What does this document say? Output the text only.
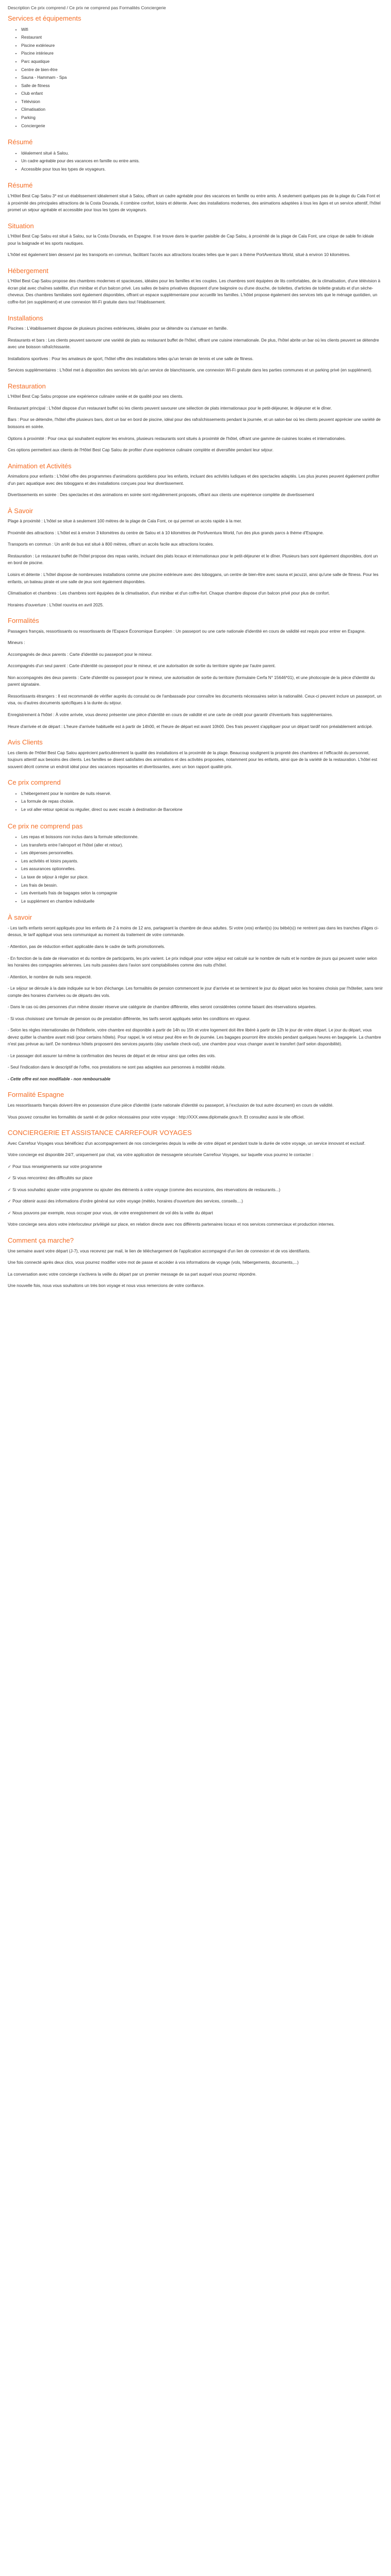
Description Ce prix comprend / Ce prix ne comprend pas Formalités Conciergerie
Services et équipements
• Wifi
• Restaurant
• Piscine extérieure
• Piscine intérieure
• Parc aquatique
• Centre de bien-être
• Sauna - Hammam - Spa
• Salle de fitness
• Club enfant
• Télévision
• Climatisation
• Parking
• Conciergerie
Résumé
• Idéalement situé à Salou.
• Un cadre agréable pour des vacances en famille ou entre amis.
• Accessible pour tous les types de voyageurs.
Résumé

L'Hôtel Best Cap Salou 3* est un établissement idéalement situé à Salou, offrant un cadre agréable pour des vacances en famille ou entre amis. À seulement quelques pas de la plage du Cala Font et à proximité des principales attractions de la Costa Dourada, il combine confort, loisirs et détente. Avec des installations modernes, des animations adaptées à tous les âges et un service attentif, l'hôtel promet un séjour agréable et accessible pour tous les types de voyageurs.

Situation

L'Hôtel Best Cap Salou est situé à Salou, sur la Costa Dourada, en Espagne. Il se trouve dans le quartier paisible de Cap Salou, à proximité de la plage de Cala Font, une crique de sable fin idéale pour la baignade et les sports nautiques.

L'hôtel est également bien desservi par les transports en commun, facilitant l'accès aux attractions locales telles que le parc à thème PortAventura World, situé à environ 10 kilomètres.

Hébergement

L'Hôtel Best Cap Salou propose des chambres modernes et spacieuses, idéales pour les familles et les couples. Les chambres sont équipées de lits confortables, de la climatisation, d'une télévision à écran plat avec chaînes satellite, d'un minibar et d'un balcon privé. Les salles de bains privatives disposent d'une baignoire ou d'une douche, de toilettes, d'articles de toilette gratuits et d'un sèche-cheveux. Des chambres familiales sont également disponibles, offrant un espace supplémentaire pour accueillir les familles. L'hôtel propose également des services tels que le ménage quotidien, un coffre-fort (en supplément) et une connexion Wi-Fi gratuite dans tout l'établissement.

Installations

Piscines : L'établissement dispose de plusieurs piscines extérieures, idéales pour se détendre ou s'amuser en famille.

Restaurants et bars : Les clients peuvent savourer une variété de plats au restaurant buffet de l'hôtel, offrant une cuisine internationale. De plus, l'hôtel abrite un bar où les clients peuvent se détendre avec une boisson rafraîchissante.

Installations sportives : Pour les amateurs de sport, l'hôtel offre des installations telles qu'un terrain de tennis et une salle de fitness.

Services supplémentaires : L'hôtel met à disposition des services tels qu'un service de blanchisserie, une connexion Wi-Fi gratuite dans les parties communes et un parking privé (en supplément).

Restauration

L'Hôtel Best Cap Salou propose une expérience culinaire variée et de qualité pour ses clients.

Restaurant principal : L'hôtel dispose d'un restaurant buffet où les clients peuvent savourer une sélection de plats internationaux pour le petit-déjeuner, le déjeuner et le dîner.

Bars : Pour se détendre, l'hôtel offre plusieurs bars, dont un bar en bord de piscine, idéal pour des rafraîchissements pendant la journée, et un salon-bar où les clients peuvent apprécier une variété de boissons en soirée.

Options à proximité : Pour ceux qui souhaitent explorer les environs, plusieurs restaurants sont situés à proximité de l'hôtel, offrant une gamme de cuisines locales et internationales.

Ces options permettent aux clients de l'Hôtel Best Cap Salou de profiter d'une expérience culinaire complète et diversifiée pendant leur séjour.

Animation et Activités

Animations pour enfants : L'hôtel offre des programmes d'animations quotidiens pour les enfants, incluant des activités ludiques et des spectacles adaptés. Les plus jeunes peuvent également profiter d'un parc aquatique avec des toboggans et des installations conçues pour leur divertissement.

Divertissements en soirée : Des spectacles et des animations en soirée sont régulièrement proposés, offrant aux clients une expérience complète de divertissement

À Savoir

Plage à proximité : L'hôtel se situe à seulement 100 mètres de la plage de Cala Font, ce qui permet un accès rapide à la mer.

Proximité des attractions : L'hôtel est à environ 3 kilomètres du centre de Salou et à 10 kilomètres de PortAventura World, l'un des plus grands parcs à thème d'Espagne.

Transports en commun : Un arrêt de bus est situé à 800 mètres, offrant un accès facile aux attractions locales.

Restauration : Le restaurant buffet de l'hôtel propose des repas variés, incluant des plats locaux et internationaux pour le petit-déjeuner et le dîner. Plusieurs bars sont également disponibles, dont un en bord de piscine.

Loisirs et détente : L'hôtel dispose de nombreuses installations comme une piscine extérieure avec des toboggans, un centre de bien-être avec sauna et jacuzzi, ainsi qu'une salle de fitness. Pour les enfants, un bateau pirate et une salle de jeux sont également disponibles.

Climatisation et chambres : Les chambres sont équipées de la climatisation, d'un minibar et d'un coffre-fort. Chaque chambre dispose d'un balcon privé pour plus de confort.

Horaires d'ouverture : L'hôtel rouvrira en avril 2025.

Formalités

Passagers français, ressortissants ou ressortissants de l'Espace Économique Européen : Un passeport ou une carte nationale d'identité en cours de validité est requis pour entrer en Espagne.

Mineurs :

Accompagnés de deux parents : Carte d'identité ou passeport pour le mineur.

Accompagnés d'un seul parent : Carte d'identité ou passeport pour le mineur, et une autorisation de sortie du territoire signée par l'autre parent.

Non accompagnés des deux parents : Carte d'identité ou passeport pour le mineur, une autorisation de sortie du territoire (formulaire Cerfa N° 15646*01), et une photocopie de la pièce d'identité du parent signataire.

Ressortissants étrangers : Il est recommandé de vérifier auprès du consulat ou de l'ambassade pour connaître les documents nécessaires selon la nationalité. Ceux-ci peuvent inclure un passeport, un visa, ou d'autres documents spécifiques à la durée du séjour.

Enregistrement à l'hôtel : À votre arrivée, vous devrez présenter une pièce d'identité en cours de validité et une carte de crédit pour garantir d'éventuels frais supplémentaires.

Heure d'arrivée et de départ : L'heure d'arrivée habituelle est à partir de 14h00, et l'heure de départ est avant 10h00. Des frais peuvent s'appliquer pour un départ tardif non préalablement anticipé.

Avis Clients

Les clients de l'Hôtel Best Cap Salou apprécient particulièrement la qualité des installations et la proximité de la plage. Beaucoup soulignent la propreté des chambres et l'efficacité du personnel, toujours attentif aux besoins des clients. Les familles se disent satisfaites des animations et des activités proposées, notamment pour les enfants, ainsi que de la variété de la restauration. L'hôtel est souvent décrit comme un endroit idéal pour des vacances reposantes et divertissantes, avec un bon rapport qualité-prix.

Ce prix comprend
• L'hébergement pour le nombre de nuits réservé.
• La formule de repas choisie.
• Le vol aller-retour spécial ou régulier, direct ou avec escale à destination de Barcelone
Ce prix ne comprend pas
• Les repas et boissons non inclus dans la formule sélectionnée.
• Les transferts entre l'aéroport et l'hôtel (aller et retour).
• Les dépenses personnelles.
• Les activités et loisirs payants.
• Les assurances optionnelles.
• La taxe de séjour à régler sur place.
• Les frais de bessin.
• Les éventuels frais de bagages selon la compagnie
• Le supplément en chambre individuelle
À savoir

- Les tarifs enfants seront appliqués pour les enfants de 2 à moins de 12 ans, partageant la chambre de deux adultes. Si votre (vos) enfant(s) (ou bébé(s)) ne rentrent pas dans les tranches d'âges ci-dessus, le tarif appliqué vous sera communiqué au moment du traitement de votre commande.

- Attention, pas de réduction enfant applicable dans le cadre de tarifs promotionnels.

- En fonction de la date de réservation et du nombre de participants, les prix varient. Le prix indiqué pour votre séjour est calculé sur le nombre de nuits et le nombre de jours qui peuvent varier selon les horaires des compagnies aériennes. Les nuits passées dans l'avion sont comptabilisées comme des nuits d'hôtel.

- Attention, le nombre de nuits sera respecté.

- Le séjour se déroule à la date indiquée sur le bon d'échange. Les formalités de pension commencent le jour d'arrivée et se terminent le jour du départ selon les horaires choisis par l'hôtelier, sans tenir compte des horaires d'arrivées ou de départs des vols.

- Dans le cas où des personnes d'un même dossier réserve une catégorie de chambre différente, elles seront considérées comme faisant des réservations séparées.

- Si vous choisissez une formule de pension ou de prestation différente, les tarifs seront appliqués selon les conditions en vigueur.

- Selon les règles internationales de l'hôtellerie, votre chambre est disponible à partir de 14h ou 15h et votre logement doit être libéré à partir de 12h le jour de votre départ. Le jour du départ, vous devez quitter la chambre avant midi (pour certains hôtels). Pour rappel, le vol retour peut être en fin de journée. Les bagages pourront être stockés pendant quelques heures en bagagerie. La chambre n'est pas prévue au tarif. De nombreux hôtels proposent des services payants (day use/late check-out), une chambre pour vous changer avant le transfert (tarif selon disponibilité).

- Le passager doit assurer lui-même la confirmation des heures de départ et de retour ainsi que celles des vols.

- Seul l'indication dans le descriptif de l'offre, nos prestations ne sont pas adaptées aux personnes à mobilité réduite.

- Cette offre est non modifiable - non remboursable

Formalité Espagne

Les ressortissants français doivent être en possession d'une pièce d'identité (carte nationale d'identité ou passeport, à l'exclusion de tout autre document) en cours de validité.

Vous pouvez consulter les formalités de santé et de police nécessaires pour votre voyage : http://XXX.www.diplomatie.gouv.fr. Et consultez aussi le site officiel.

CONCIERGERIE ET ASSISTANCE CARREFOUR VOYAGES

Avec Carrefour Voyages vous bénéficiez d'un accompagnement de nos conciergeries depuis la veille de votre départ et pendant toute la durée de votre voyage, un service innovant et exclusif.

Votre concierge est disponible 24/7, uniquement par chat, via votre application de messagerie sécurisée Carrefour Voyages, sur laquelle vous pourrez le contacter :

✓ Pour tous renseignements sur votre programme

✓ Si vous rencontrez des difficultés sur place

✓ Si vous souhaitez ajouter votre programme ou ajouter des éléments à votre voyage (comme des excursions, des réservations de restaurants...)

✓ Pour obtenir aussi des informations d'ordre général sur votre voyage (météo, horaires d'ouverture des services, conseils....)

✓ Nous pouvons par exemple, nous occuper pour vous, de votre enregistrement de vol dès la veille du départ

Votre concierge sera alors votre interlocuteur privilégié sur place, en relation directe avec nos différents partenaires locaux et nos services commerciaux et production internes.

Comment ça marche?

Une semaine avant votre départ (J-7), vous recevrez par mail, le lien de téléchargement de l'application accompagné d'un lien de connexion et de vos identifiants.

Une fois connecté après deux clics, vous pourrez modifier votre mot de passe et accéder à vos informations de voyage (vols, hébergements, documents,...)

La conversation avec votre concierge s'activera la veille du départ par un premier message de sa part auquel vous pourrez répondre.

Une nouvelle fois, nous vous souhaitons un très bon voyage et nous vous remercions de votre confiance.
